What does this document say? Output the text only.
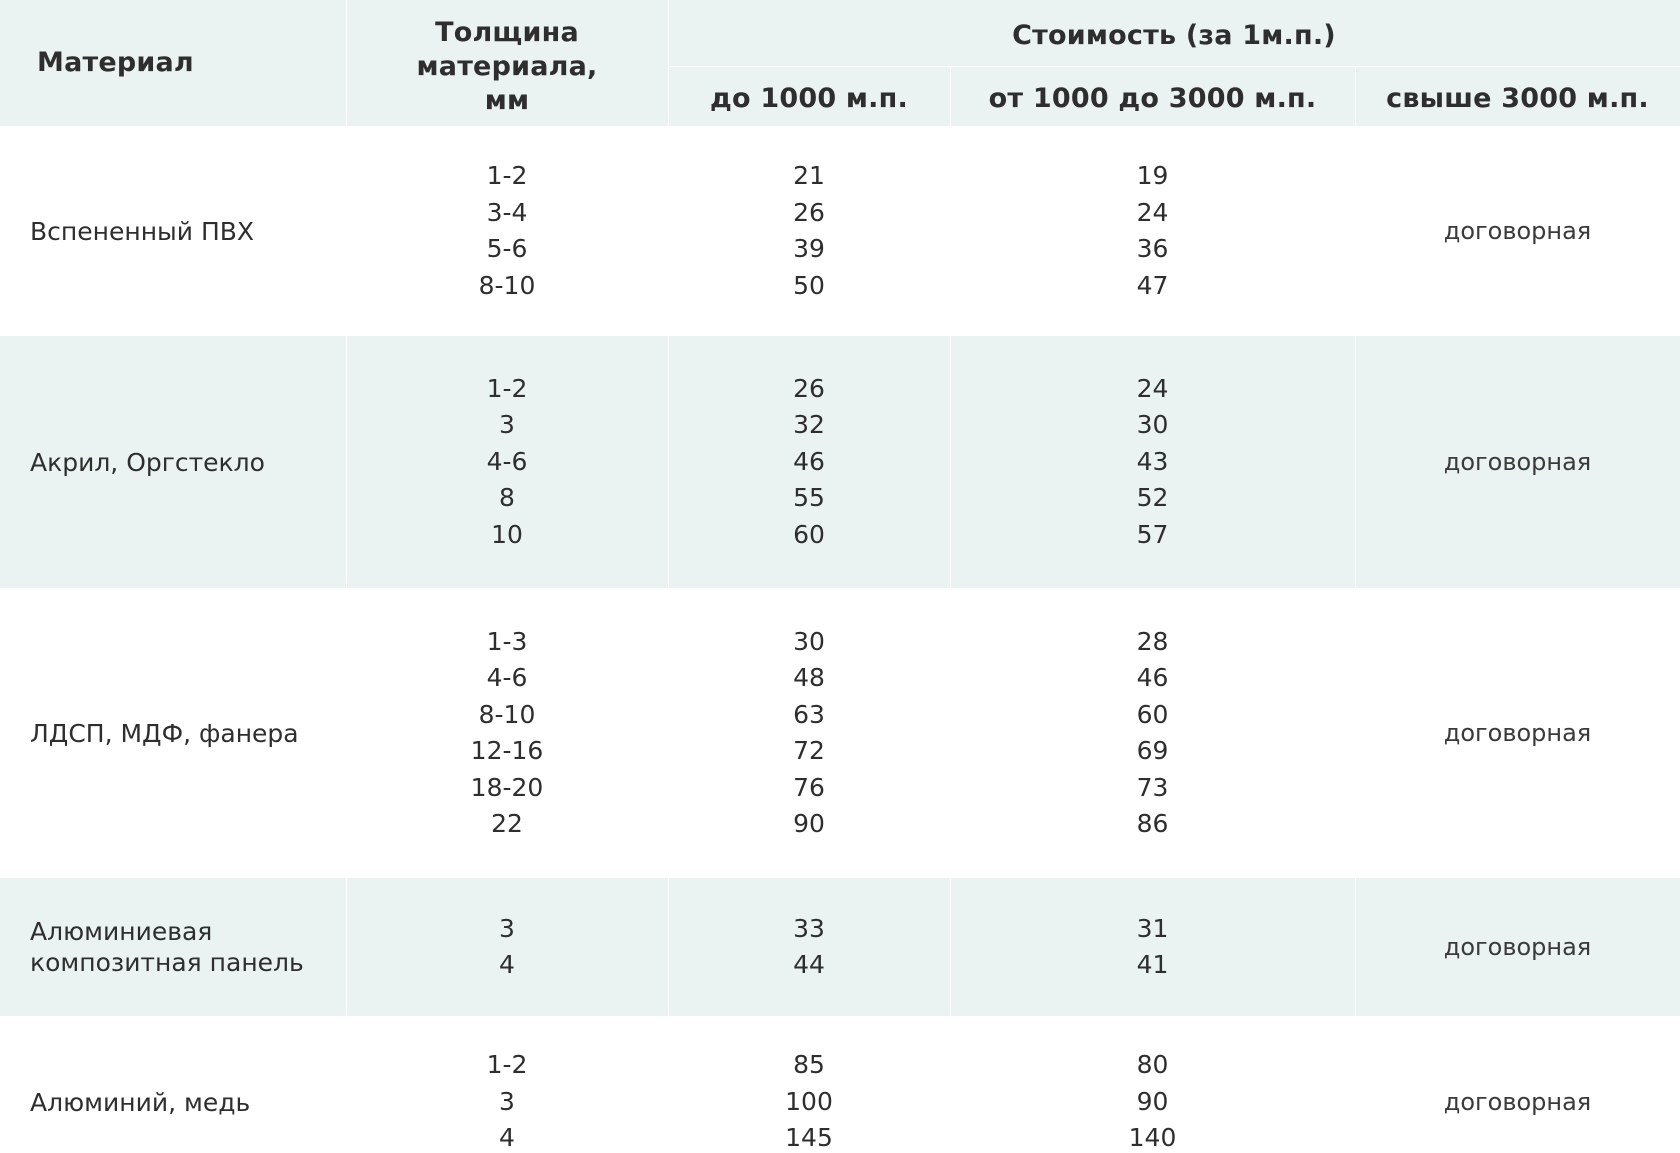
Материал
Толщина материала, мм
Стоимость (за 1м.п.)
до 1000 м.п.	от 1000 до 3000 м.п.	свыше 3000 м.п.
Вспененный ПВХ
1-2
3-4
5-6
8-10
21
26
39
50
19
24
36
47
договорная
Акрил, Оргстекло
1-2
3
4-6
8
10
26
32
46
55
60
24
30
43
52
57
договорная
ЛДСП, МДФ, фанера
1-3
4-6
8-10
12-16
18-20
22
30
48
63
72
76
90
28
46
60
69
73
86
договорная
Алюминиевая композитная панель
3
4
33
44
31
41
договорная
Алюминий, медь
1-2
3
4
85
100
145
80
90
140
договорная
